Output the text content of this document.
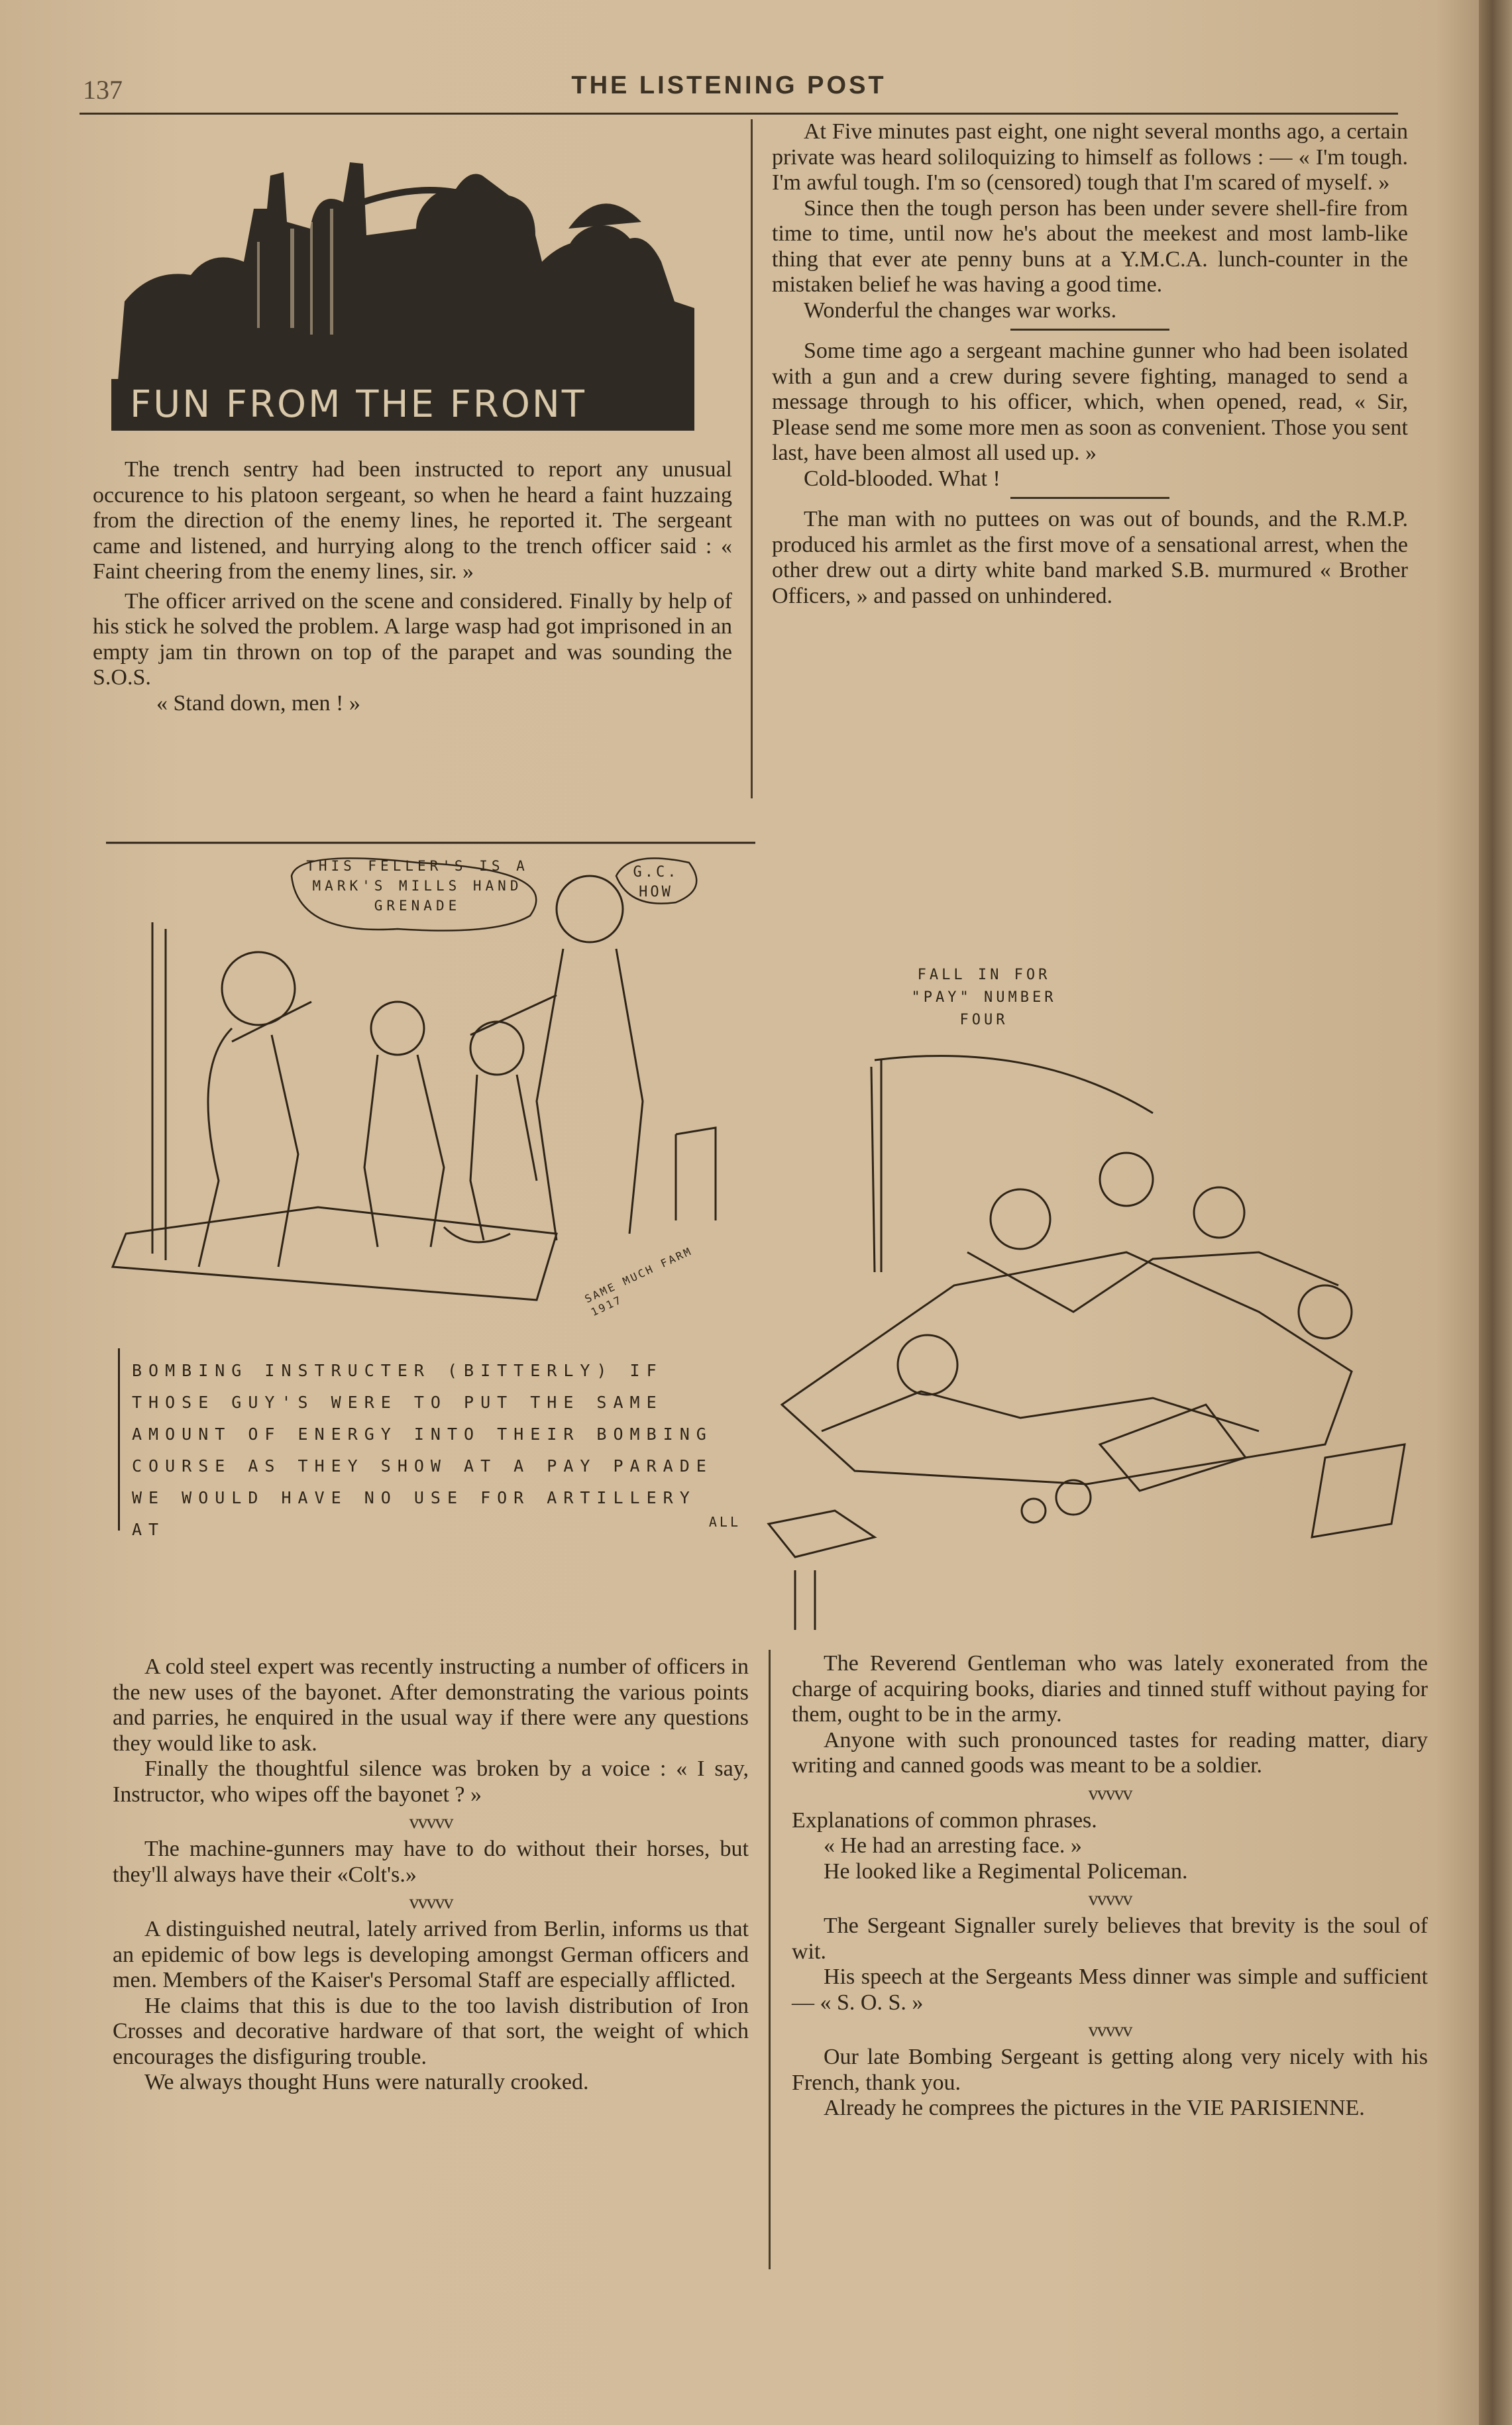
137	THE LISTENING POST
FUN FROM THE FRONT

The trench sentry had been instructed to report any unusual occurence to his platoon sergeant, so when he heard a faint huzzaing from the direction of the enemy lines, he reported it. The sergeant came and listened, and hurrying along to the trench officer said : « Faint cheering from the enemy lines, sir. »

The officer arrived on the scene and considered. Finally by help of his stick he solved the problem. A large wasp had got imprisoned in an empty jam tin thrown on top of the parapet and was sounding the S.O.S.

« Stand down, men ! »

At Five minutes past eight, one night several months ago, a certain private was heard soliloquizing to himself as follows : — « I'm tough. I'm awful tough. I'm so (censored) tough that I'm scared of myself. »

Since then the tough person has been under severe shell-fire from time to time, until now he's about the meekest and most lamb-like thing that ever ate penny buns at a Y.M.C.A. lunch-counter in the mistaken belief he was having a good time.

Wonderful the changes war works.

Some time ago a sergeant machine gunner who had been isolated with a gun and a crew during severe fighting, managed to send a message through to his officer, which, when opened, read, « Sir, Please send me some more men as soon as convenient. Those you sent last, have been almost all used up. »

Cold-blooded. What !

The man with no puttees on was out of bounds, and the R.M.P. produced his armlet as the first move of a sensational arrest, when the other drew out a dirty white band marked S.B. murmured « Brother Officers, » and passed on unhindered.

THIS FELLER'S IS A MARK'S MILLS HAND GRENADE
G.C. HOW
SAME MUCH FARM 1917
BOMBING INSTRUCTER (BITTERLY) IF THOSE GUY'S WERE TO PUT THE SAME AMOUNT OF ENERGY INTO THEIR BOMBING COURSE AS THEY SHOW AT A PAY PARADE WE WOULD HAVE NO USE FOR ARTILLERY AT	ALL
FALL IN FOR "PAY" NUMBER FOUR

A cold steel expert was recently instructing a number of officers in the new uses of the bayonet. After demonstrating the various points and parries, he enquired in the usual way if there were any questions they would like to ask.

Finally the thoughtful silence was broken by a voice : « I say, Instructor, who wipes off the bayonet ? »

vvvvv

The machine-gunners may have to do without their horses, but they'll always have their «Colt's.»

vvvvv

A distinguished neutral, lately arrived from Berlin, informs us that an epidemic of bow legs is developing amongst German officers and men. Members of the Kaiser's Persomal Staff are especially afflicted.

He claims that this is due to the too lavish distribution of Iron Crosses and decorative hardware of that sort, the weight of which encourages the disfiguring trouble.

We always thought Huns were naturally crooked.

The Reverend Gentleman who was lately exonerated from the charge of acquiring books, diaries and tinned stuff without paying for them, ought to be in the army.

Anyone with such pronounced tastes for reading matter, diary writing and canned goods was meant to be a soldier.

vvvvv

Explanations of common phrases.

« He had an arresting face. »

He looked like a Regimental Policeman.

vvvvv

The Sergeant Signaller surely believes that brevity is the soul of wit.

His speech at the Sergeants Mess dinner was simple and sufficient — « S. O. S. »

vvvvv

Our late Bombing Sergeant is getting along very nicely with his French, thank you.

Already he comprees the pictures in the VIE PARISIENNE.
